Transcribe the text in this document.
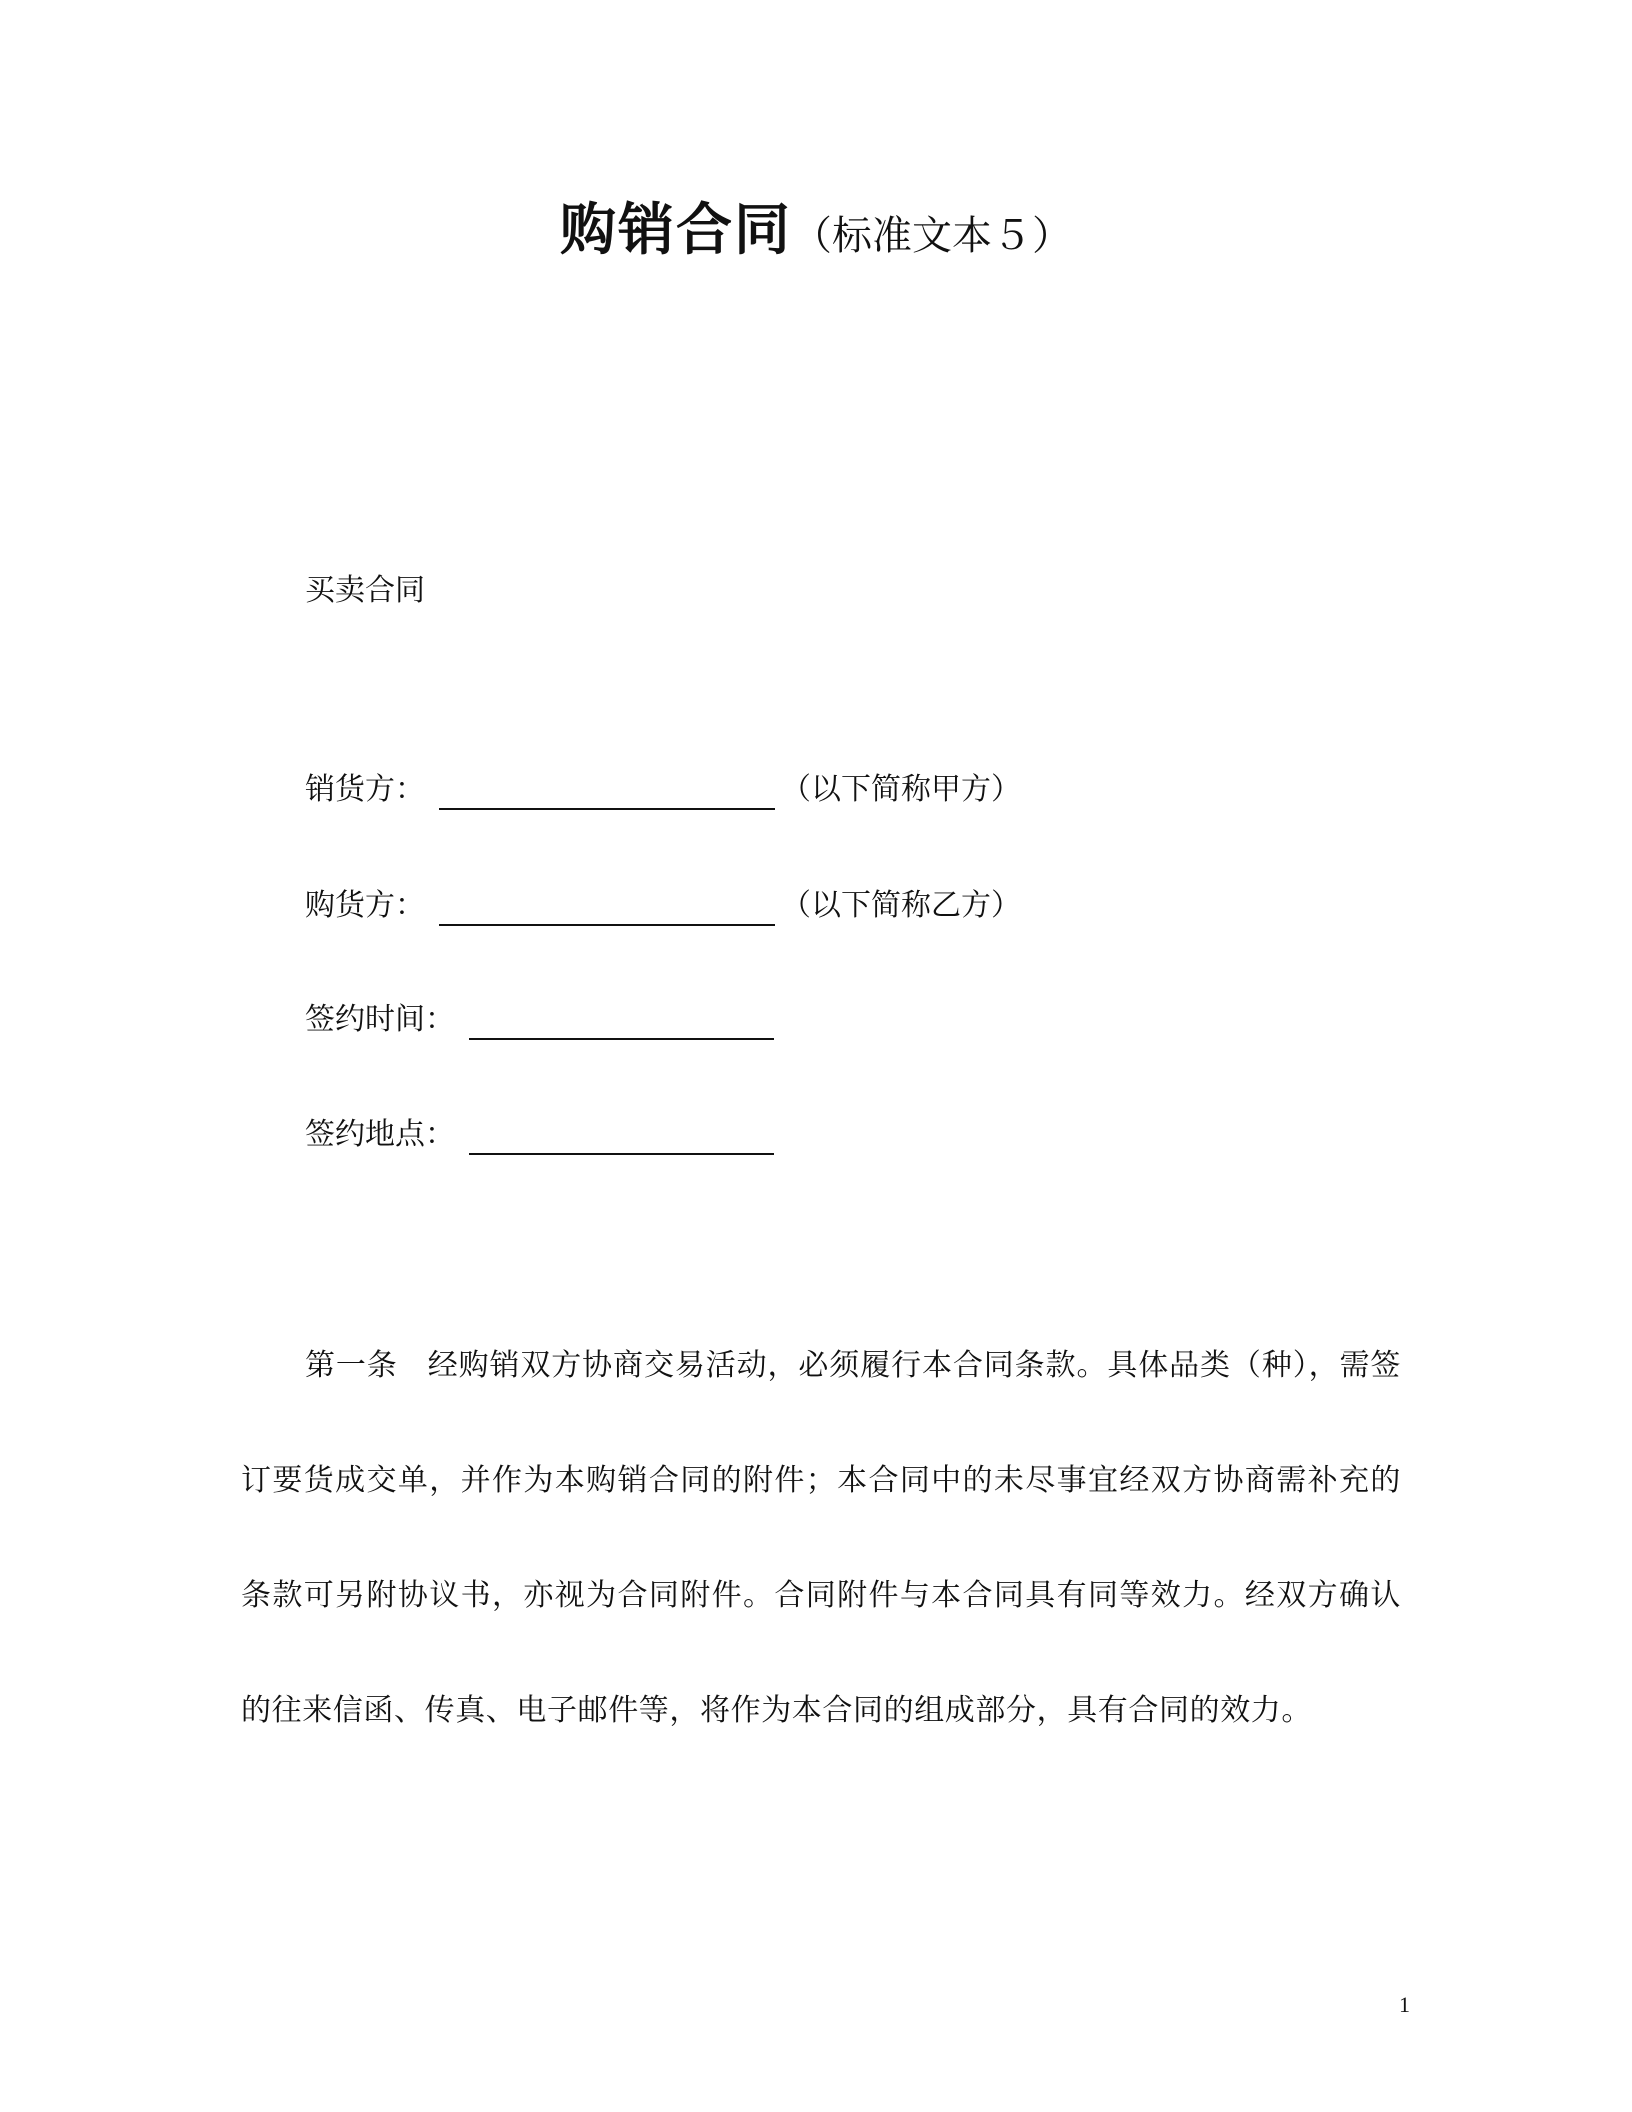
购销合同（标准文本５）
买卖合同
销货方：	（以下简称甲方）
购货方：	（以下简称乙方）
签约时间：
签约地点：
第一条 经购销双方协商交易活动，必须履行本合同条款。具体品类（种），需签订要货成交单，并作为本购销合同的附件；本合同中的未尽事宜经双方协商需补充的条款可另附协议书，亦视为合同附件。合同附件与本合同具有同等效力。经双方确认的往来信函、传真、电子邮件等，将作为本合同的组成部分，具有合同的效力。
1
